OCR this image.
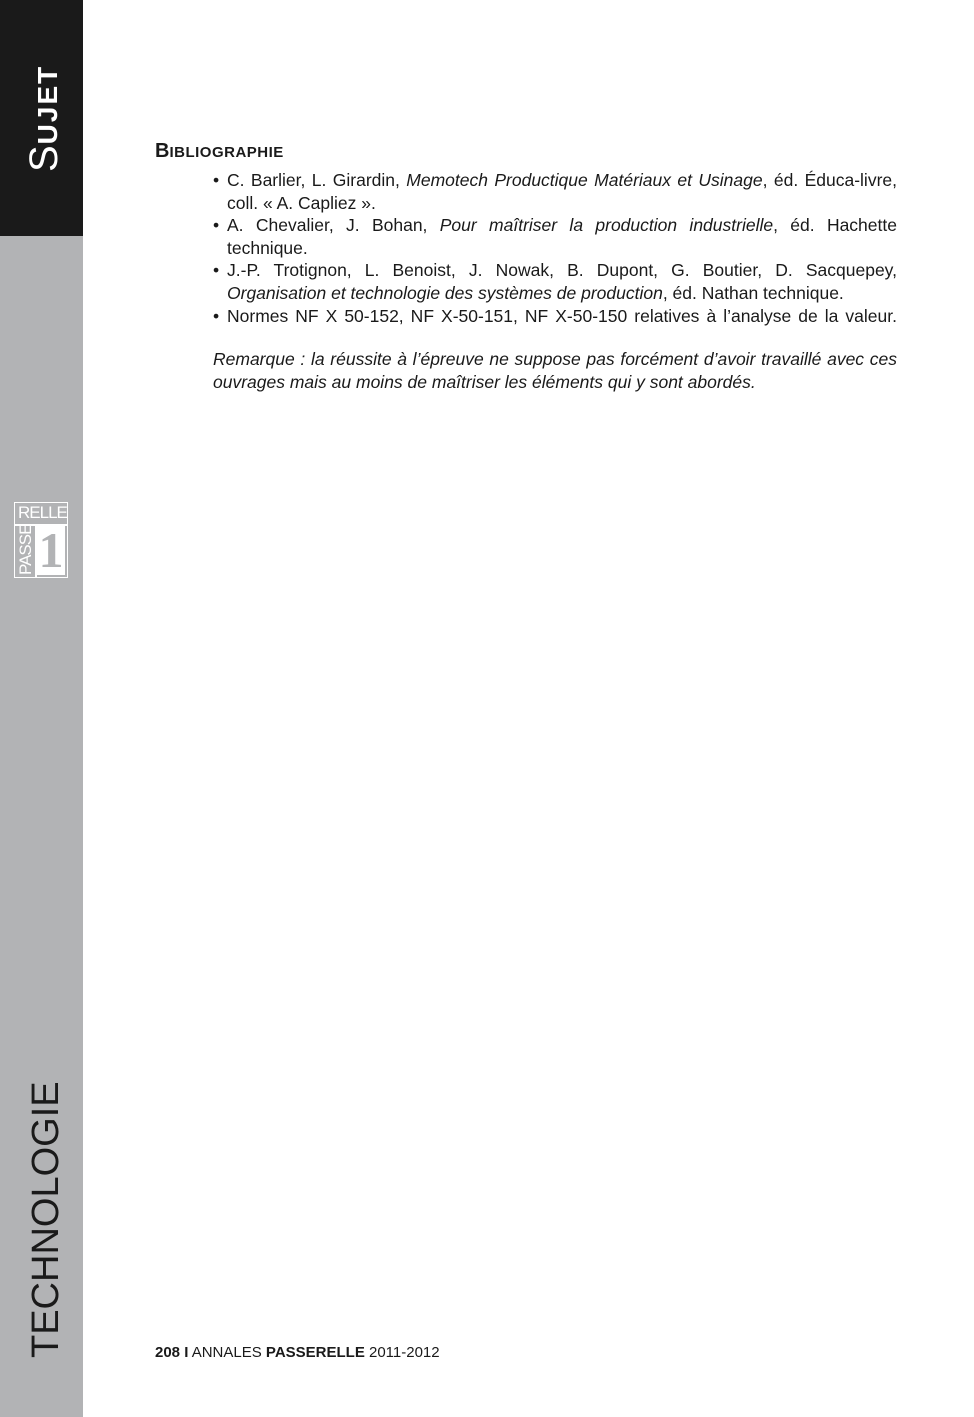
SUJET
RELLE
PASSE 1
TECHNOLOGIE
BIBLIOGRAPHIE
• C. Barlier, L. Girardin, Memotech Productique Matériaux et Usinage, éd. Éduca-livre, coll. « A. Capliez ».
• A. Chevalier, J. Bohan, Pour maîtriser la production industrielle, éd. Hachette technique.
• J.-P. Trotignon, L. Benoist, J. Nowak, B. Dupont, G. Boutier, D. Sacquepey, Organisation et technologie des systèmes de production, éd. Nathan technique.
• Normes NF X 50-152, NF X-50-151, NF X-50-150 relatives à l’analyse de la valeur.

Remarque : la réussite à l’épreuve ne suppose pas forcément d’avoir travaillé avec ces ouvrages mais au moins de maîtriser les éléments qui y sont abordés.

208 I ANNALES PASSERELLE 2011-2012
